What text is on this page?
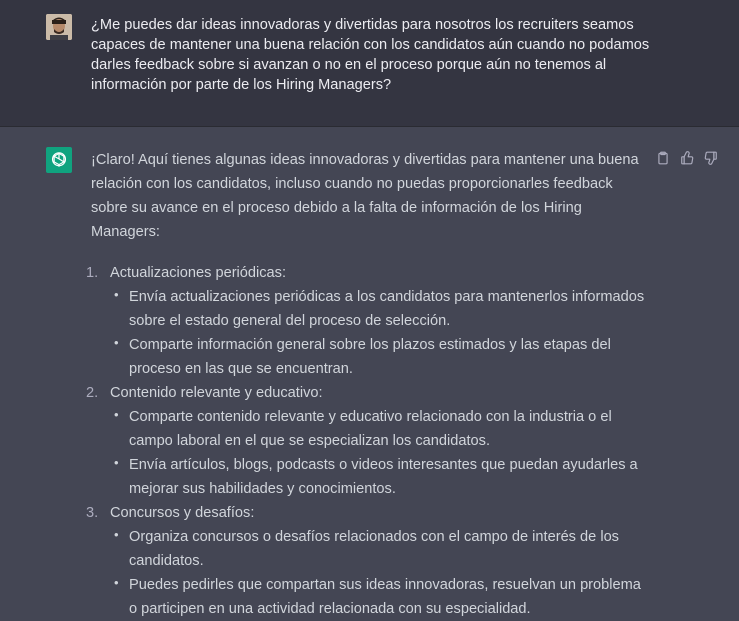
¿Me puedes dar ideas innovadoras y divertidas para nosotros los recruiters seamos capaces de mantener una buena relación con los candidatos aún cuando no podamos darles feedback sobre si avanzan o no en el proceso porque aún no tenemos al información por parte de los Hiring Managers?

¡Claro! Aquí tienes algunas ideas innovadoras y divertidas para mantener una buena relación con los candidatos, incluso cuando no puedas proporcionarles feedback sobre su avance en el proceso debido a la falta de información de los Hiring Managers:

1. Actualizaciones periódicas:
• Envía actualizaciones periódicas a los candidatos para mantenerlos informados sobre el estado general del proceso de selección.
• Comparte información general sobre los plazos estimados y las etapas del proceso en las que se encuentran.
2. Contenido relevante y educativo:
• Comparte contenido relevante y educativo relacionado con la industria o el campo laboral en el que se especializan los candidatos.
• Envía artículos, blogs, podcasts o videos interesantes que puedan ayudarles a mejorar sus habilidades y conocimientos.
3. Concursos y desafíos:
• Organiza concursos o desafíos relacionados con el campo de interés de los candidatos.
• Puedes pedirles que compartan sus ideas innovadoras, resuelvan un problema o participen en una actividad relacionada con su especialidad.
